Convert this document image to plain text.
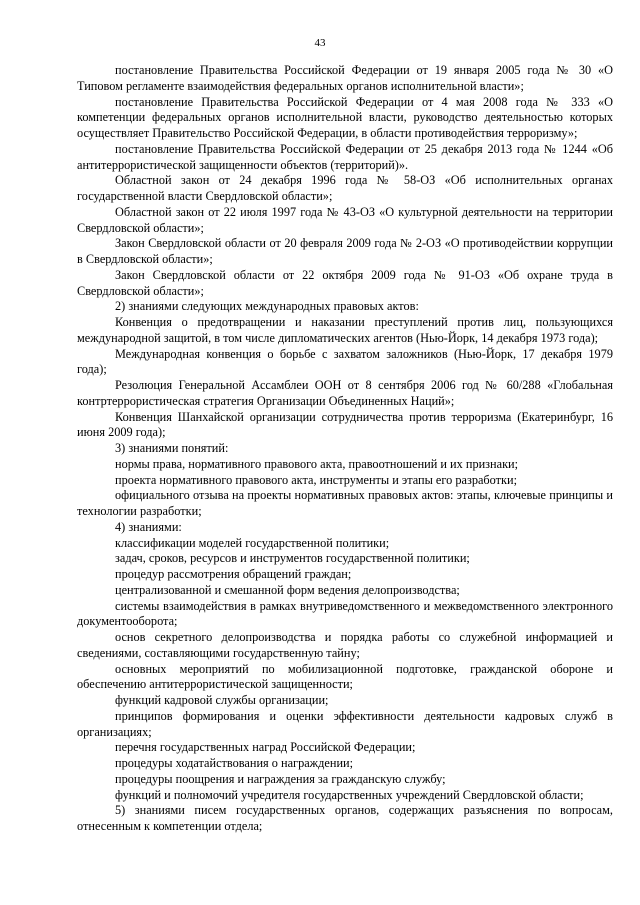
43

постановление Правительства Российской Федерации от 19 января 2005 года № 30 «О Типовом регламенте взаимодействия федеральных органов исполнительной власти»;

постановление Правительства Российской Федерации от 4 мая 2008 года № 333 «О компетенции федеральных органов исполнительной власти, руководство деятельностью которых осуществляет Правительство Российской Федерации, в области противодействия терроризму»;

постановление Правительства Российской Федерации от 25 декабря 2013 года № 1244 «Об антитеррористической защищенности объектов (территорий)».

Областной закон от 24 декабря 1996 года № 58-ОЗ «Об исполнительных органах государственной власти Свердловской области»;

Областной закон от 22 июля 1997 года № 43-ОЗ «О культурной деятельности на территории Свердловской области»;

Закон Свердловской области от 20 февраля 2009 года № 2-ОЗ «О противодействии коррупции в Свердловской области»;

Закон Свердловской области от 22 октября 2009 года № 91-ОЗ «Об охране труда в Свердловской области»;

2) знаниями следующих международных правовых актов:

Конвенция о предотвращении и наказании преступлений против лиц, пользующихся международной защитой, в том числе дипломатических агентов (Нью-Йорк, 14 декабря 1973 года);

Международная конвенция о борьбе с захватом заложников (Нью-Йорк, 17 декабря 1979 года);

Резолюция Генеральной Ассамблеи ООН от 8 сентября 2006 год № 60/288 «Глобальная контртеррористическая стратегия Организации Объединенных Наций»;

Конвенция Шанхайской организации сотрудничества против терроризма (Екатеринбург, 16 июня 2009 года);

3) знаниями понятий:

нормы права, нормативного правового акта, правоотношений и их признаки;

проекта нормативного правового акта, инструменты и этапы его разработки;

официального отзыва на проекты нормативных правовых актов: этапы, ключевые принципы и технологии разработки;

4) знаниями:

классификации моделей государственной политики;

задач, сроков, ресурсов и инструментов государственной политики;

процедур рассмотрения обращений граждан;

централизованной и смешанной форм ведения делопроизводства;

системы взаимодействия в рамках внутриведомственного и межведомственного электронного документооборота;

основ секретного делопроизводства и порядка работы со служебной информацией и сведениями, составляющими государственную тайну;

основных мероприятий по мобилизационной подготовке, гражданской обороне и обеспечению антитеррористической защищенности;

функций кадровой службы организации;

принципов формирования и оценки эффективности деятельности кадровых служб в организациях;

перечня государственных наград Российской Федерации;

процедуры ходатайствования о награждении;

процедуры поощрения и награждения за гражданскую службу;

функций и полномочий учредителя государственных учреждений Свердловской области;

5) знаниями писем государственных органов, содержащих разъяснения по вопросам, отнесенным к компетенции отдела;
